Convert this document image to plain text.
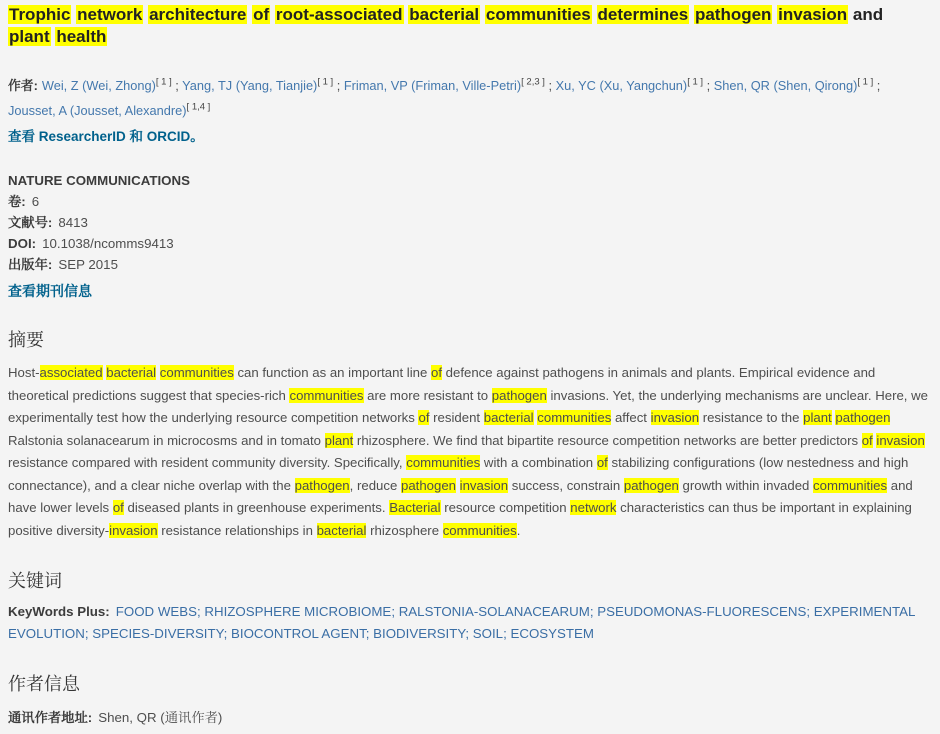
Trophic network architecture of root-associated bacterial communities determines pathogen invasion and plant health

作者: Wei, Z (Wei, Zhong)[ 1 ] ; Yang, TJ (Yang, Tianjie)[ 1 ] ; Friman, VP (Friman, Ville-Petri)[ 2,3 ] ; Xu, YC (Xu, Yangchun)[ 1 ] ; Shen, QR (Shen, Qirong)[ 1 ] ; Jousset, A (Jousset, Alexandre)[ 1,4 ]

查看 ResearcherID 和 ORCID。

NATURE COMMUNICATIONS
卷: 6
文献号: 8413
DOI: 10.1038/ncomms9413
出版年: SEP 2015
查看期刊信息
摘要

Host-associated bacterial communities can function as an important line of defence against pathogens in animals and plants. Empirical evidence and theoretical predictions suggest that species-rich communities are more resistant to pathogen invasions. Yet, the underlying mechanisms are unclear. Here, we experimentally test how the underlying resource competition networks of resident bacterial communities affect invasion resistance to the plant pathogen Ralstonia solanacearum in microcosms and in tomato plant rhizosphere. We find that bipartite resource competition networks are better predictors of invasion resistance compared with resident community diversity. Specifically, communities with a combination of stabilizing configurations (low nestedness and high connectance), and a clear niche overlap with the pathogen, reduce pathogen invasion success, constrain pathogen growth within invaded communities and have lower levels of diseased plants in greenhouse experiments. Bacterial resource competition network characteristics can thus be important in explaining positive diversity-invasion resistance relationships in bacterial rhizosphere communities.

关键词

KeyWords Plus: FOOD WEBS; RHIZOSPHERE MICROBIOME; RALSTONIA-SOLANACEARUM; PSEUDOMONAS-FLUORESCENS; EXPERIMENTAL EVOLUTION; SPECIES-DIVERSITY; BIOCONTROL AGENT; BIODIVERSITY; SOIL; ECOSYSTEM

作者信息

通讯作者地址: Shen, QR (通讯作者)
